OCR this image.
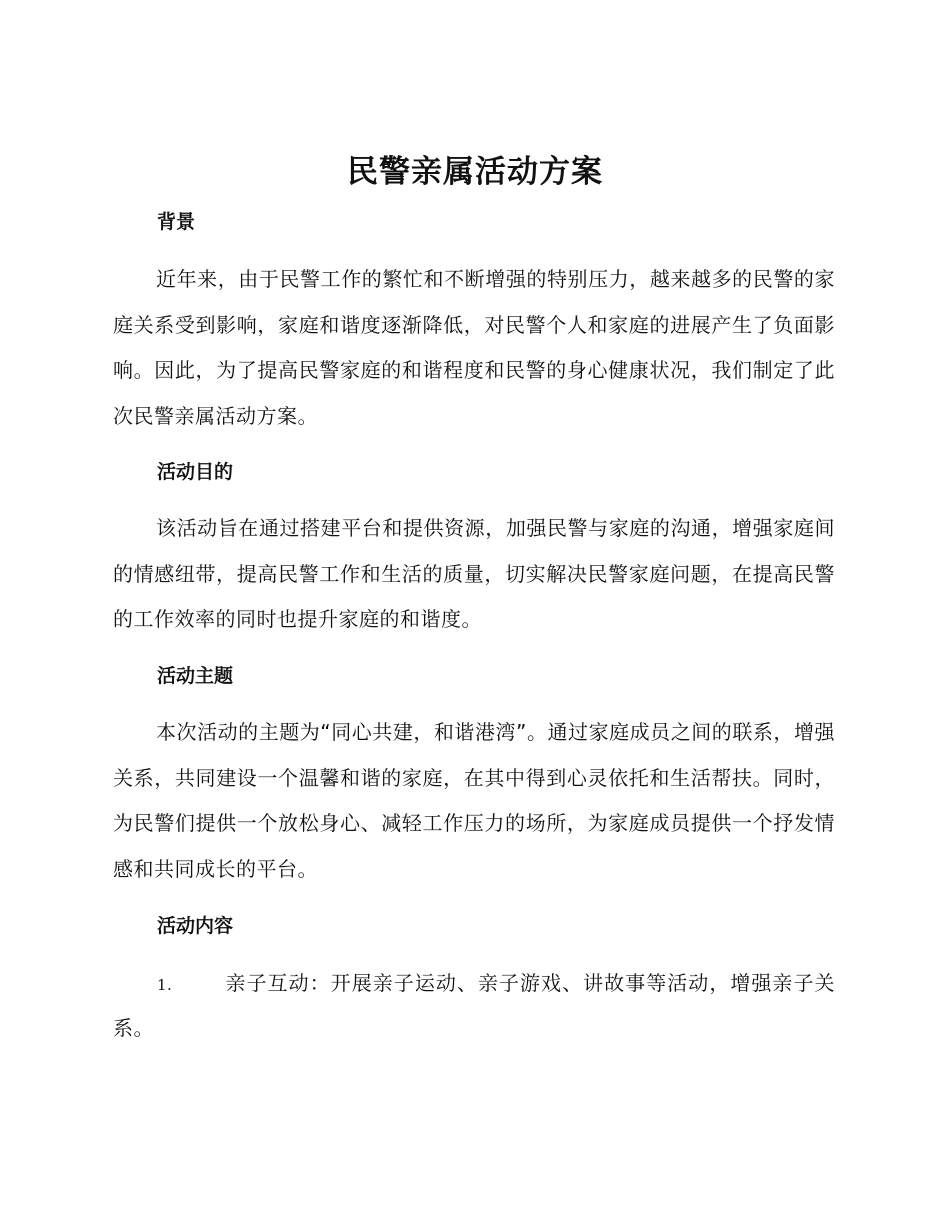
民警亲属活动方案
背景

近年来，由于民警工作的繁忙和不断增强的特别压力，越来越多的民警的家庭关系受到影响，家庭和谐度逐渐降低，对民警个人和家庭的进展产生了负面影响。因此，为了提高民警家庭的和谐程度和民警的身心健康状况，我们制定了此次民警亲属活动方案。

活动目的

该活动旨在通过搭建平台和提供资源，加强民警与家庭的沟通，增强家庭间的情感纽带，提高民警工作和生活的质量，切实解决民警家庭问题，在提高民警的工作效率的同时也提升家庭的和谐度。

活动主题

本次活动的主题为“同心共建，和谐港湾”。通过家庭成员之间的联系，增强关系，共同建设一个温馨和谐的家庭，在其中得到心灵依托和生活帮扶。同时，为民警们提供一个放松身心、减轻工作压力的场所，为家庭成员提供一个抒发情感和共同成长的平台。

活动内容

1.	亲子互动：开展亲子运动、亲子游戏、讲故事等活动，增强亲子关系。
